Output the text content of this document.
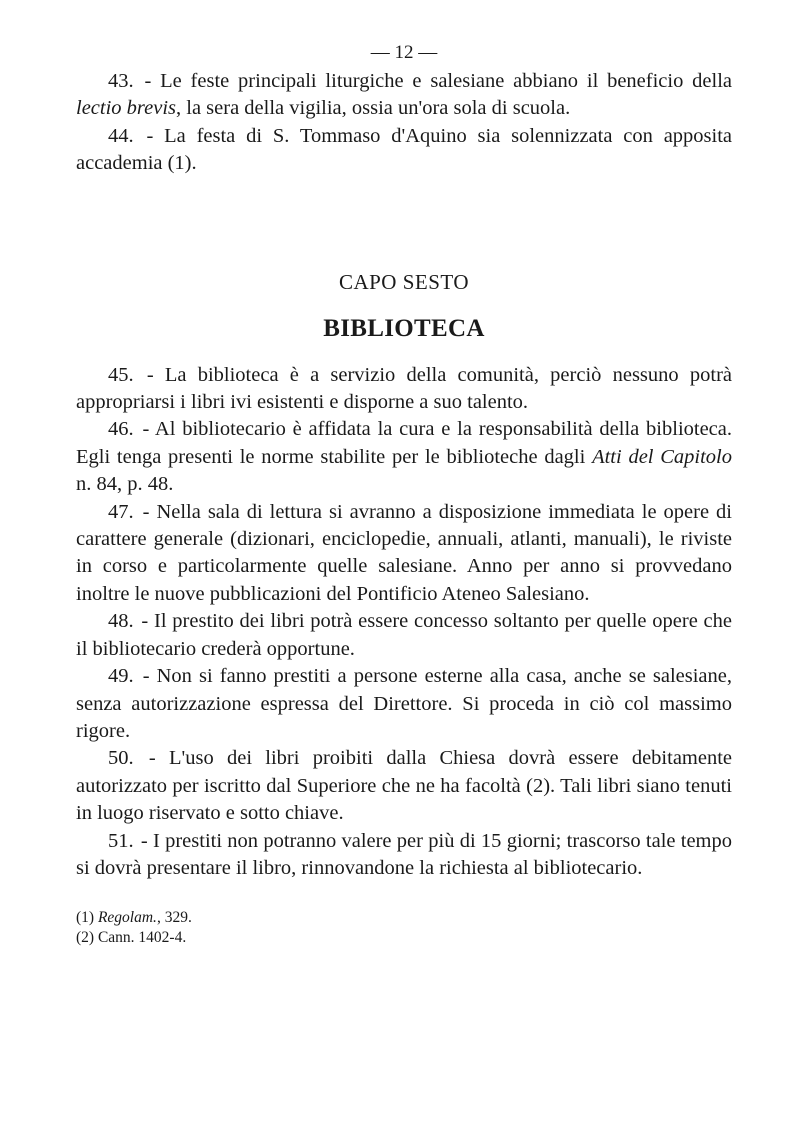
— 12 —

43. - Le feste principali liturgiche e salesiane abbiano il beneficio della lectio brevis, la sera della vigilia, ossia un'ora sola di scuola.

44. - La festa di S. Tommaso d'Aquino sia solennizzata con apposita accademia (1).

CAPO SESTO
BIBLIOTECA

45. - La biblioteca è a servizio della comunità, perciò nessuno potrà appropriarsi i libri ivi esistenti e disporne a suo talento.

46. - Al bibliotecario è affidata la cura e la responsabilità della biblioteca. Egli tenga presenti le norme stabilite per le biblioteche dagli Atti del Capitolo n. 84, p. 48.

47. - Nella sala di lettura si avranno a disposizione immediata le opere di carattere generale (dizionari, enciclopedie, annuali, atlanti, manuali), le riviste in corso e particolarmente quelle salesiane. Anno per anno si provvedano inoltre le nuove pubblicazioni del Pontificio Ateneo Salesiano.

48. - Il prestito dei libri potrà essere concesso soltanto per quelle opere che il bibliotecario crederà opportune.

49. - Non si fanno prestiti a persone esterne alla casa, anche se salesiane, senza autorizzazione espressa del Direttore. Si proceda in ciò col massimo rigore.

50. - L'uso dei libri proibiti dalla Chiesa dovrà essere debitamente autorizzato per iscritto dal Superiore che ne ha facoltà (2). Tali libri siano tenuti in luogo riservato e sotto chiave.

51. - I prestiti non potranno valere per più di 15 giorni; trascorso tale tempo si dovrà presentare il libro, rinnovandone la richiesta al bibliotecario.

(1) Regolam., 329.

(2) Cann. 1402-4.
